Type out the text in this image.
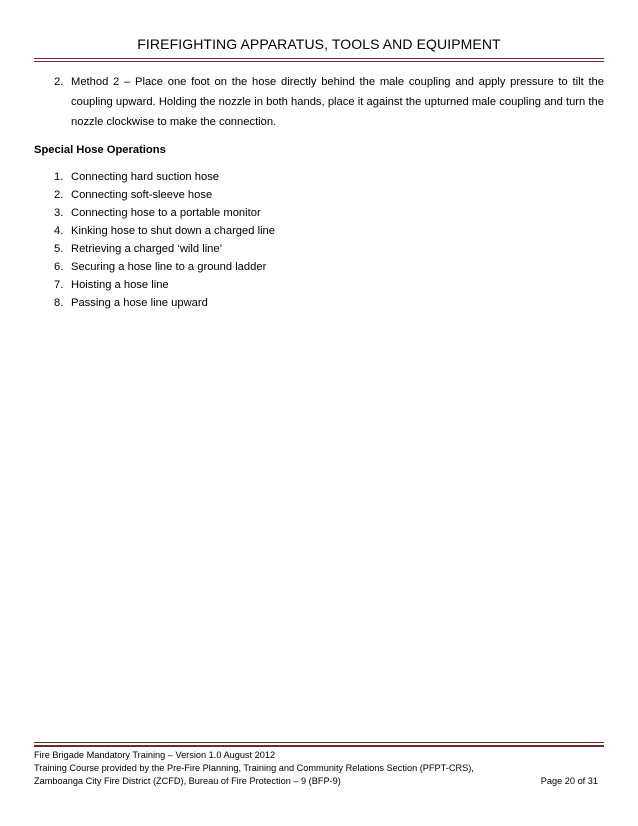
FIREFIGHTING APPARATUS, TOOLS AND EQUIPMENT
2. Method 2 – Place one foot on the hose directly behind the male coupling and apply pressure to tilt the coupling upward. Holding the nozzle in both hands, place it against the upturned male coupling and turn the nozzle clockwise to make the connection.
Special Hose Operations
1. Connecting hard suction hose
2. Connecting soft-sleeve hose
3. Connecting hose to a portable monitor
4. Kinking hose to shut down a charged line
5. Retrieving a charged ‘wild line’
6. Securing a hose line to a ground ladder
7. Hoisting a hose line
8. Passing a hose line upward
Fire Brigade Mandatory Training – Version 1.0 August 2012
Training Course provided by the Pre-Fire Planning, Training and Community Relations Section (PFPT-CRS),
Zamboanga City Fire District (ZCFD), Bureau of Fire Protection – 9 (BFP-9)	Page 20 of 31
